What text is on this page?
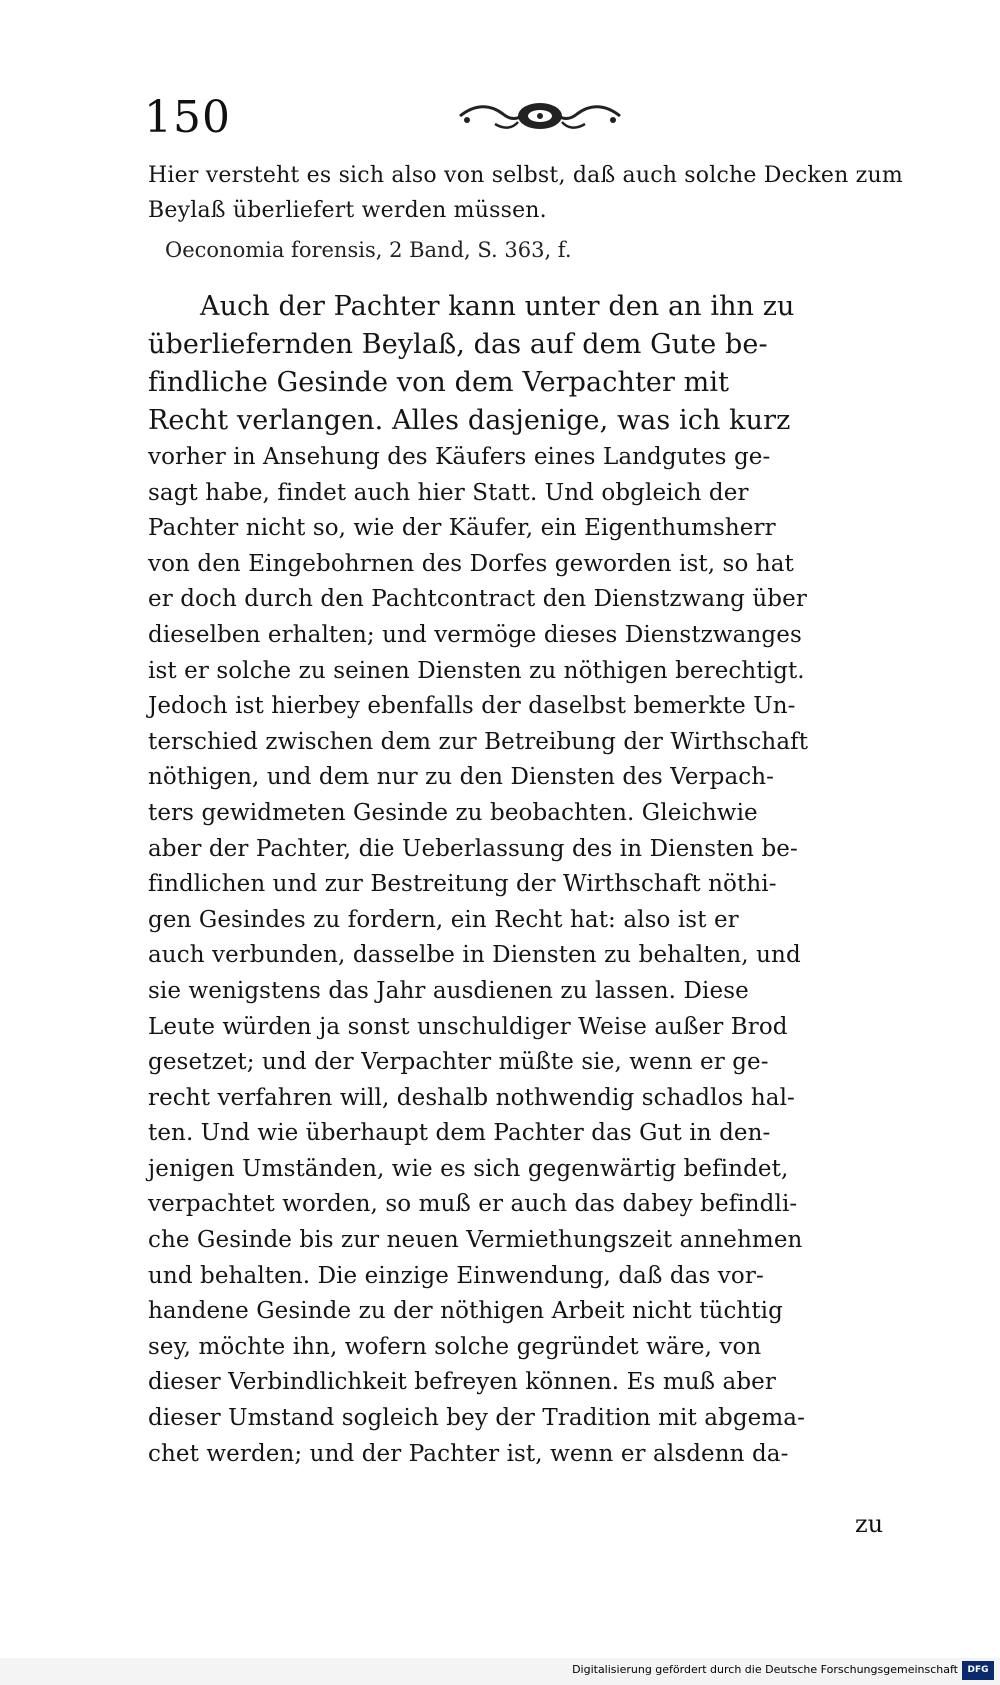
150
Hier versteht es sich also von selbst, daß auch solche Decken zum
Beylaß überliefert werden müssen.
Oeconomia forensis, 2 Band, S. 363, f.
Auch der Pachter kann unter den an ihn zu
überliefernden Beylaß, das auf dem Gute be-
findliche Gesinde von dem Verpachter mit
Recht verlangen. Alles dasjenige, was ich kurz
vorher in Ansehung des Käufers eines Landgutes ge-
sagt habe, findet auch hier Statt. Und obgleich der
Pachter nicht so, wie der Käufer, ein Eigenthumsherr
von den Eingebohrnen des Dorfes geworden ist, so hat
er doch durch den Pachtcontract den Dienstzwang über
dieselben erhalten; und vermöge dieses Dienstzwanges
ist er solche zu seinen Diensten zu nöthigen berechtigt.
Jedoch ist hierbey ebenfalls der daselbst bemerkte Un-
terschied zwischen dem zur Betreibung der Wirthschaft
nöthigen, und dem nur zu den Diensten des Verpach-
ters gewidmeten Gesinde zu beobachten. Gleichwie
aber der Pachter, die Ueberlassung des in Diensten be-
findlichen und zur Bestreitung der Wirthschaft nöthi-
gen Gesindes zu fordern, ein Recht hat: also ist er
auch verbunden, dasselbe in Diensten zu behalten, und
sie wenigstens das Jahr ausdienen zu lassen. Diese
Leute würden ja sonst unschuldiger Weise außer Brod
gesetzet; und der Verpachter müßte sie, wenn er ge-
recht verfahren will, deshalb nothwendig schadlos hal-
ten. Und wie überhaupt dem Pachter das Gut in den-
jenigen Umständen, wie es sich gegenwärtig befindet,
verpachtet worden, so muß er auch das dabey befindli-
che Gesinde bis zur neuen Vermiethungszeit annehmen
und behalten. Die einzige Einwendung, daß das vor-
handene Gesinde zu der nöthigen Arbeit nicht tüchtig
sey, möchte ihn, wofern solche gegründet wäre, von
dieser Verbindlichkeit befreyen können. Es muß aber
dieser Umstand sogleich bey der Tradition mit abgema-
chet werden; und der Pachter ist, wenn er alsdenn da-
zu
Digitalisierung gefördert durch die Deutsche Forschungsgemeinschaft	DFG
